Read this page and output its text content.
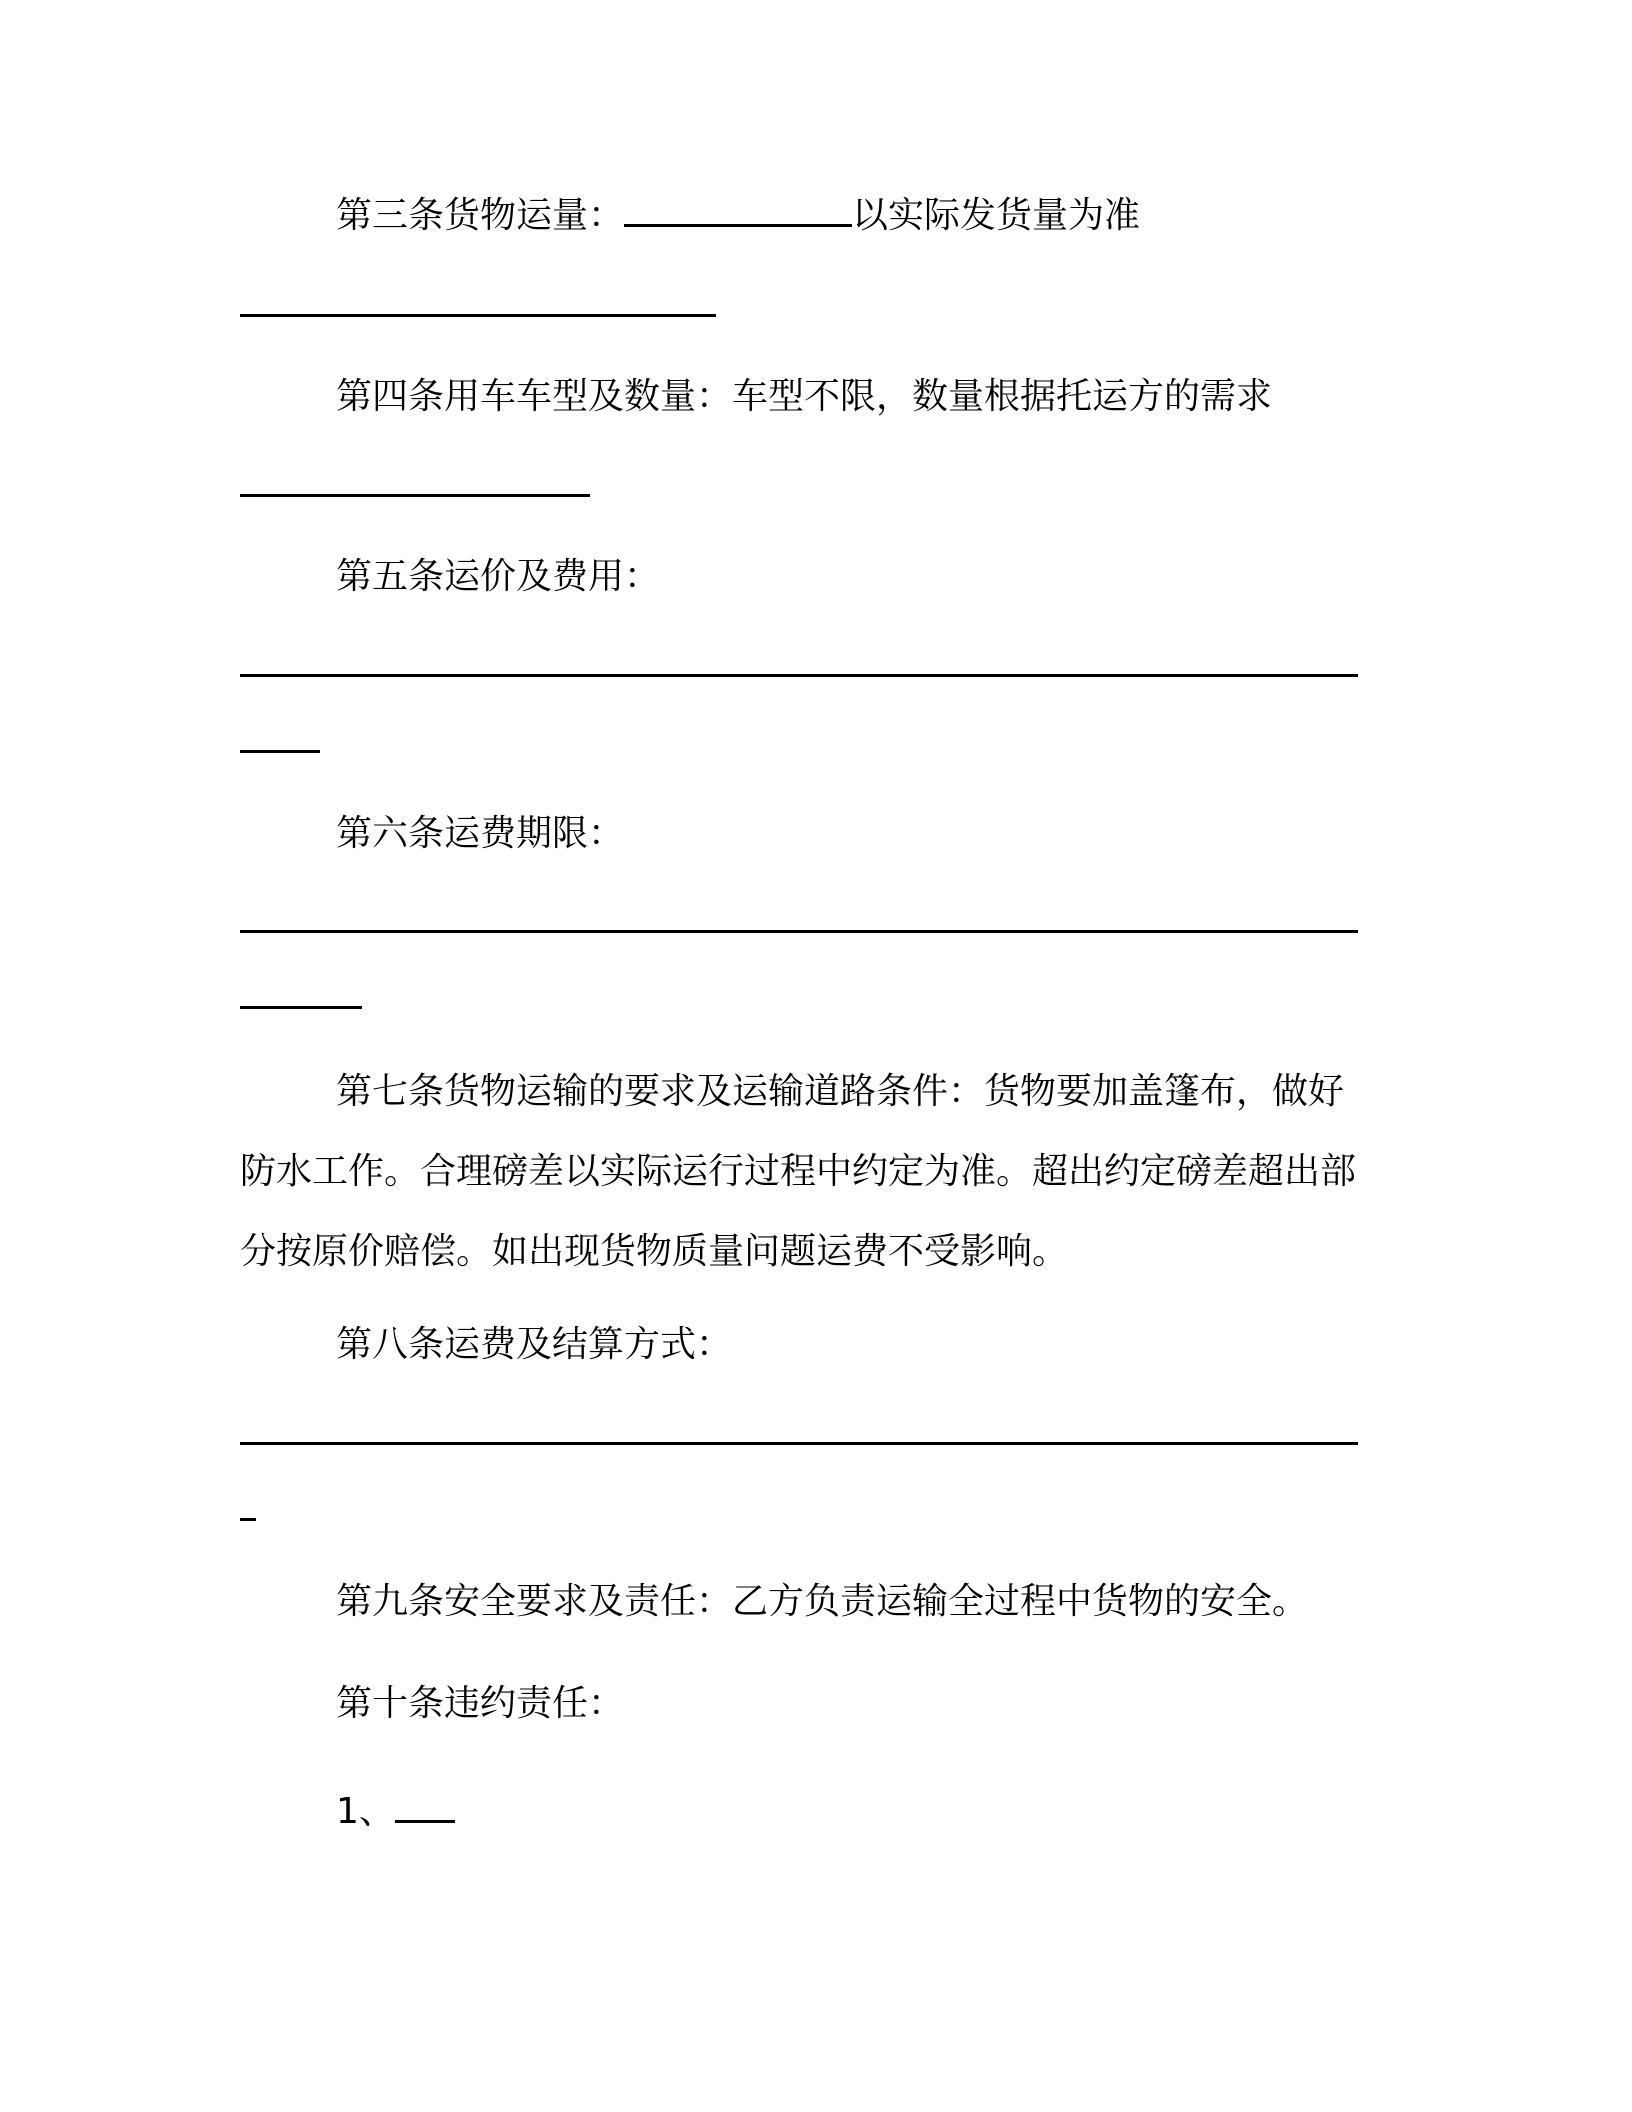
第三条货物运量：	以实际发货量为准
第四条用车车型及数量：车型不限，数量根据托运方的需求
第五条运价及费用：
第六条运费期限：
第七条货物运输的要求及运输道路条件：货物要加盖篷布，做好防水工作。合理磅差以实际运行过程中约定为准。超出约定磅差超出部分按原价赔偿。如出现货物质量问题运费不受影响。
第八条运费及结算方式：
第九条安全要求及责任：乙方负责运输全过程中货物的安全。
第十条违约责任：
1、
